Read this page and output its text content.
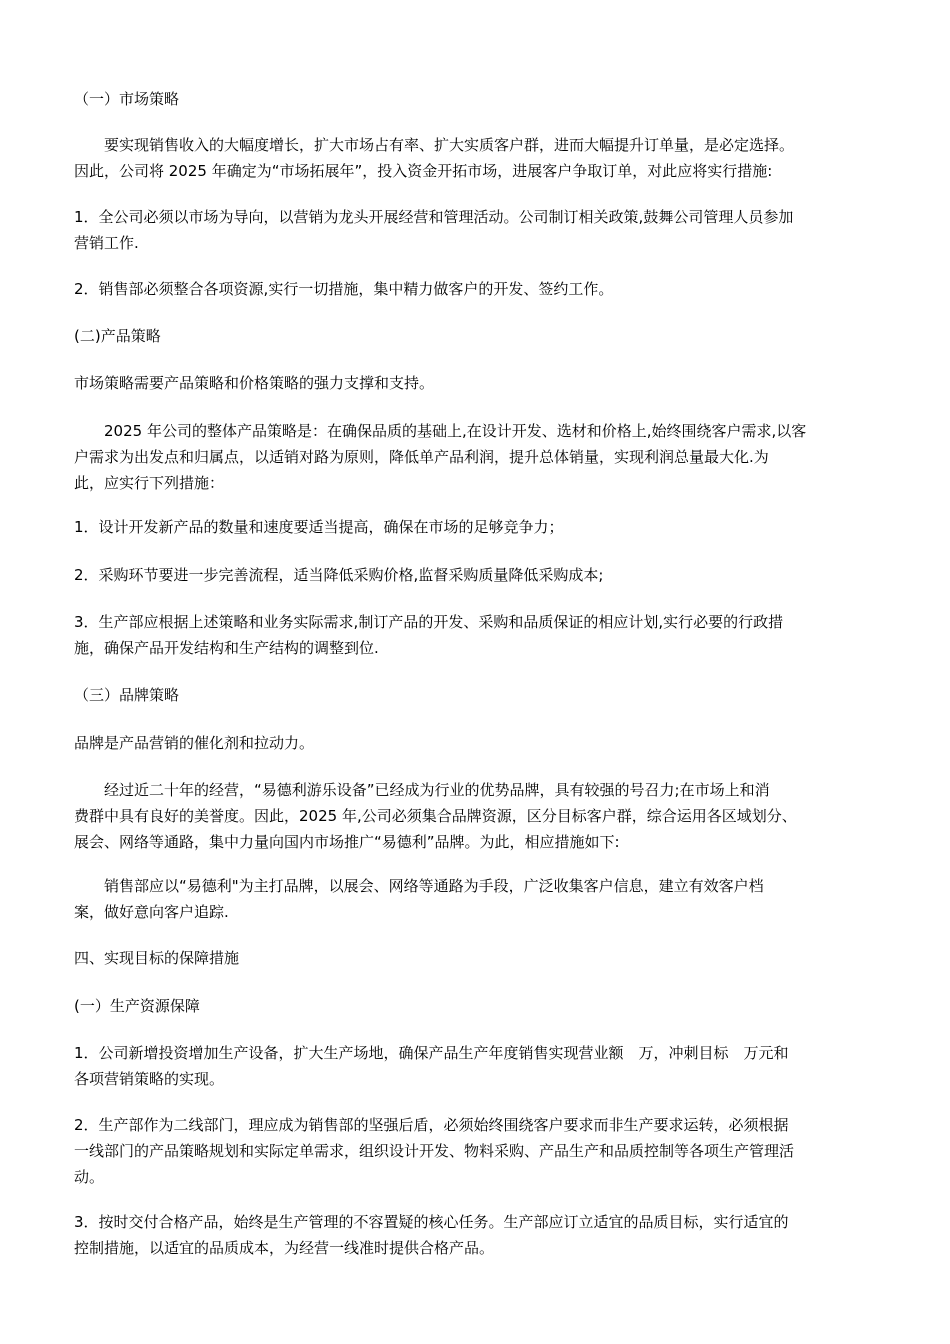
（一）市场策略

要实现销售收入的大幅度增长，扩大市场占有率、扩大实质客户群，进而大幅提升订单量，是必定选择。
因此，公司将 2025 年确定为“市场拓展年”，投入资金开拓市场，进展客户争取订单，对此应将实行措施:

1．全公司必须以市场为导向，以营销为龙头开展经营和管理活动。公司制订相关政策,鼓舞公司管理人员参加
营销工作.

2．销售部必须整合各项资源,实行一切措施，集中精力做客户的开发、签约工作。

(二)产品策略

市场策略需要产品策略和价格策略的强力支撑和支持。

2025 年公司的整体产品策略是：在确保品质的基础上,在设计开发、选材和价格上,始终围绕客户需求,以客
户需求为出发点和归属点，以适销对路为原则，降低单产品利润，提升总体销量，实现利润总量最大化.为
此，应实行下列措施：

1．设计开发新产品的数量和速度要适当提高，确保在市场的足够竞争力；

2．采购环节要进一步完善流程，适当降低采购价格,监督采购质量降低采购成本;

3．生产部应根据上述策略和业务实际需求,制订产品的开发、采购和品质保证的相应计划,实行必要的行政措
施，确保产品开发结构和生产结构的调整到位.

（三）品牌策略

品牌是产品营销的催化剂和拉动力。

经过近二十年的经营，“易德利游乐设备”已经成为行业的优势品牌，具有较强的号召力;在市场上和消
费群中具有良好的美誉度。因此，2025 年,公司必须集合品牌资源，区分目标客户群，综合运用各区域划分、
展会、网络等通路，集中力量向国内市场推广“易德利”品牌。为此，相应措施如下:

销售部应以“易德利"为主打品牌，以展会、网络等通路为手段，广泛收集客户信息，建立有效客户档
案，做好意向客户追踪.

四、实现目标的保障措施

(一）生产资源保障

1．公司新增投资增加生产设备，扩大生产场地，确保产品生产年度销售实现营业额　万，冲刺目标　万元和
各项营销策略的实现。

2．生产部作为二线部门，理应成为销售部的坚强后盾，必须始终围绕客户要求而非生产要求运转，必须根据
一线部门的产品策略规划和实际定单需求，组织设计开发、物料采购、产品生产和品质控制等各项生产管理活
动。

3．按时交付合格产品，始终是生产管理的不容置疑的核心任务。生产部应订立适宜的品质目标，实行适宜的
控制措施，以适宜的品质成本，为经营一线准时提供合格产品。
